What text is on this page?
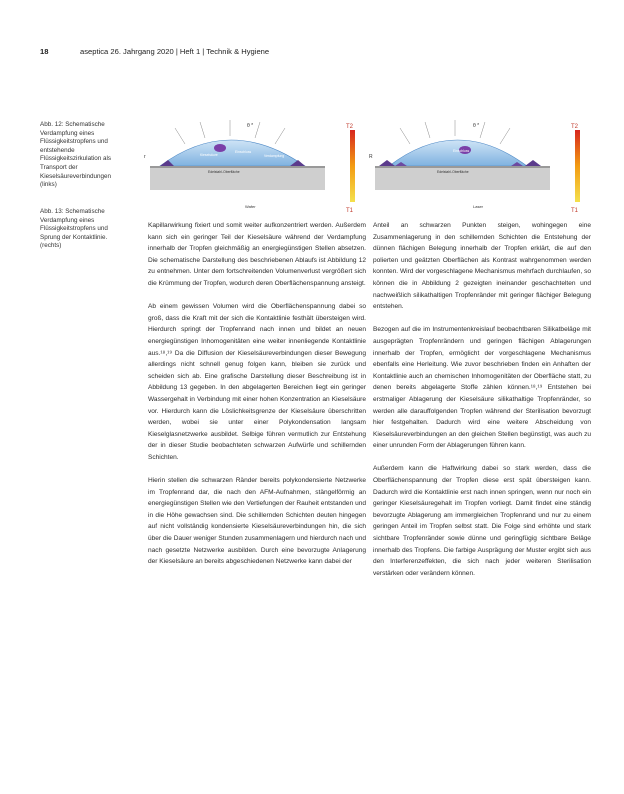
18	aseptica 26. Jahrgang 2020 | Heft 1 | Technik & Hygiene

Abb. 12: Schematische Verdampfung eines Flüssigkeitstropfens und entstehende Flüssigkeitszirkulation als Transport der Kieselsäureverbindungen (links)

Abb. 13: Schematische Verdampfung eines Flüssigkeitstropfens und Sprung der Kontaktlinie. (rechts)

θ *
r	Kieselsäure
Einschluss
Verdampfung
Edelstahl-Oberfläche
Wafer
T2
T1
θ *
R
Einschluss
Edelstahl-Oberfläche
Laser
T2
T1

Kapillarwirkung fixiert und somit weiter aufkonzentriert werden. Außerdem kann sich ein geringer Teil der Kieselsäure während der Verdampfung innerhalb der Tropfen gleichmäßig an energiegünstigen Stellen absetzen. Die schematische Darstellung des beschriebenen Ablaufs ist Abbildung 12 zu entnehmen. Unter dem fortschreitenden Volumenverlust vergrößert sich die Krümmung der Tropfen, wodurch deren Oberflächenspannung ansteigt.

Ab einem gewissen Volumen wird die Oberflächenspannung dabei so groß, dass die Kraft mit der sich die Kontaktlinie festhält übersteigen wird. Hierdurch springt der Tropfenrand nach innen und bildet an neuen energiegünstigen Inhomogenitäten eine weiter innenliegende Kontaktlinie aus.¹⁸,¹⁹ Da die Diffusion der Kieselsäureverbindungen dieser Bewegung allerdings nicht schnell genug folgen kann, bleiben sie zurück und scheiden sich ab. Eine grafische Darstellung dieser Beschreibung ist in Abbildung 13 gegeben. In den abgelagerten Bereichen liegt ein geringer Wassergehalt in Verbindung mit einer hohen Konzentration an Kieselsäure vor. Hierdurch kann die Löslichkeitsgrenze der Kieselsäure überschritten werden, wobei sie unter einer Polykondensation langsam Kieselglasnetzwerke ausbildet. Selbige führen vermutlich zur Entstehung der in dieser Studie beobachteten schwarzen Aufwürfe und schillernden Schichten.

Hierin stellen die schwarzen Ränder bereits polykondensierte Netzwerke im Tropfenrand dar, die nach den AFM-Aufnahmen, stängelförmig an energiegünstigen Stellen wie den Vertiefungen der Rauheit entstanden und in die Höhe gewachsen sind. Die schillernden Schichten deuten hingegen auf nicht vollständig kondensierte Kieselsäureverbindungen hin, die sich über die Dauer weniger Stunden zusammenlagern und hierdurch nach und nach gesetzte Netzwerke ausbilden. Durch eine bevorzugte Anlagerung der Kieselsäure an bereits abgeschiedenen Netzwerke kann dabei der

Anteil an schwarzen Punkten steigen, wohingegen eine Zusammenlagerung in den schillernden Schichten die Entstehung der dünnen flächigen Belegung innerhalb der Tropfen erklärt, die auf den polierten und geätzten Oberflächen als Kontrast wahrgenommen werden konnten. Wird der vorgeschlagene Mechanismus mehrfach durchlaufen, so können die in Abbildung 2 gezeigten ineinander geschachtelten und nachweißlich silikathaltigen Tropfenränder mit geringer flächiger Belegung entstehen.

Bezogen auf die im Instrumentenkreislauf beobachtbaren Silikatbeläge mit ausgeprägten Tropfenrändern und geringen flächigen Ablagerungen innerhalb der Tropfen, ermöglicht der vorgeschlagene Mechanismus ebenfalls eine Herleitung. Wie zuvor beschrieben finden ein Anhaften der Kontaktlinie auch an chemischen Inhomogenitäten der Oberfläche statt, zu denen bereits abgelagerte Stoffe zählen können.¹⁸,¹⁹ Entstehen bei erstmaliger Ablagerung der Kieselsäure silikathaltige Tropfenränder, so werden alle darauffolgenden Tropfen während der Sterilisation bevorzugt hier festgehalten. Dadurch wird eine weitere Abscheidung von Kieselsäureverbindungen an den gleichen Stellen begünstigt, was auch zu einer unrunden Form der Ablagerungen führen kann.

Außerdem kann die Haftwirkung dabei so stark werden, dass die Oberflächenspannung der Tropfen diese erst spät übersteigen kann. Dadurch wird die Kontaktlinie erst nach innen springen, wenn nur noch ein geringer Kieselsäuregehalt im Tropfen vorliegt. Damit findet eine ständig bevorzugte Ablagerung am immergleichen Tropfenrand und nur zu einem geringen Anteil im Tropfen selbst statt. Die Folge sind erhöhte und stark sichtbare Tropfenränder sowie dünne und geringfügig sichtbare Beläge innerhalb des Tropfens. Die farbige Ausprägung der Muster ergibt sich aus den Interferenzeffekten, die sich nach jeder weiteren Sterilisation verstärken oder verändern können.
